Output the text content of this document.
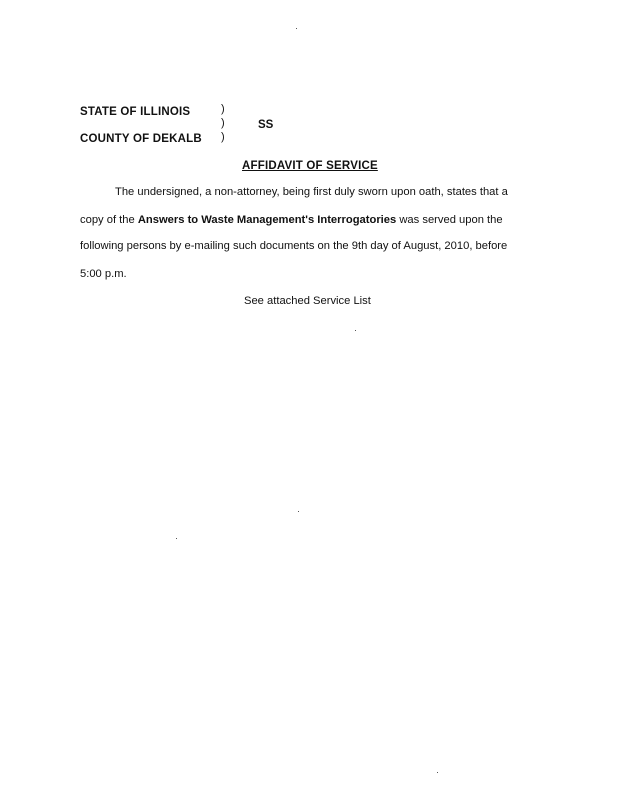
STATE OF ILLINOIS
COUNTY OF DEKALB
)
)
)
SS
AFFIDAVIT OF SERVICE
The undersigned, a non-attorney, being first duly sworn upon oath, states that a
copy of the Answers to Waste Management's Interrogatories was served upon the
following persons by e-mailing such documents on the 9th day of August, 2010, before
5:00 p.m.
See attached Service List
